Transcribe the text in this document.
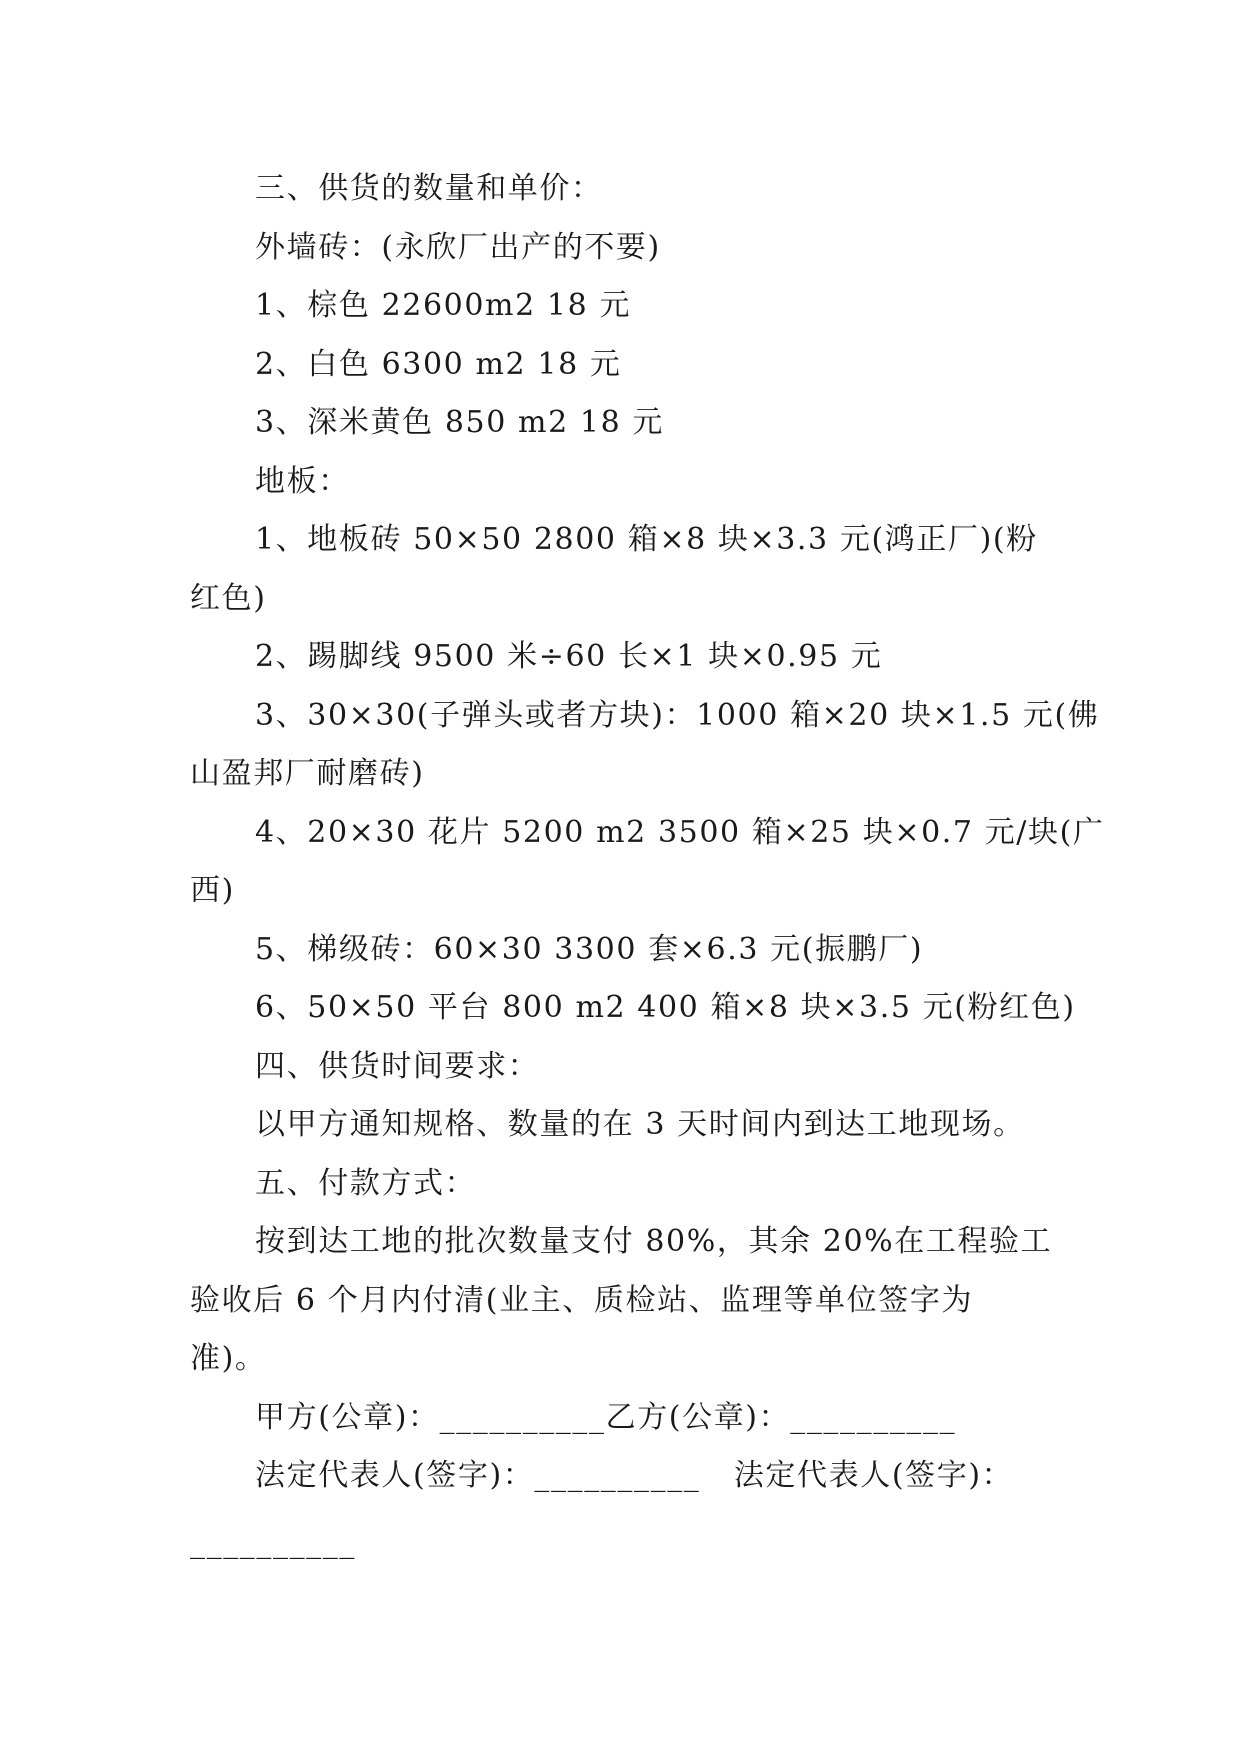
三、供货的数量和单价：
外墙砖：(永欣厂出产的不要)
1、棕色 22600m2 18 元
2、白色 6300 m2 18 元
3、深米黄色 850 m2 18 元
地板：
1、地板砖 50×50 2800 箱×8 块×3.3 元(鸿正厂)(粉
红色)
2、踢脚线 9500 米÷60 长×1 块×0.95 元
3、30×30(子弹头或者方块)：1000 箱×20 块×1.5 元(佛
山盈邦厂耐磨砖)
4、20×30 花片 5200 m2 3500 箱×25 块×0.7 元/块(广
西)
5、梯级砖：60×30 3300 套×6.3 元(振鹏厂)
6、50×50 平台 800 m2 400 箱×8 块×3.5 元(粉红色)
四、供货时间要求：
以甲方通知规格、数量的在 3 天时间内到达工地现场。
五、付款方式：
按到达工地的批次数量支付 80%，其余 20%在工程验工
验收后 6 个月内付清(业主、质检站、监理等单位签字为
准)。
甲方(公章)：__________乙方(公章)：__________
法定代表人(签字)：__________   法定代表人(签字)：
__________
